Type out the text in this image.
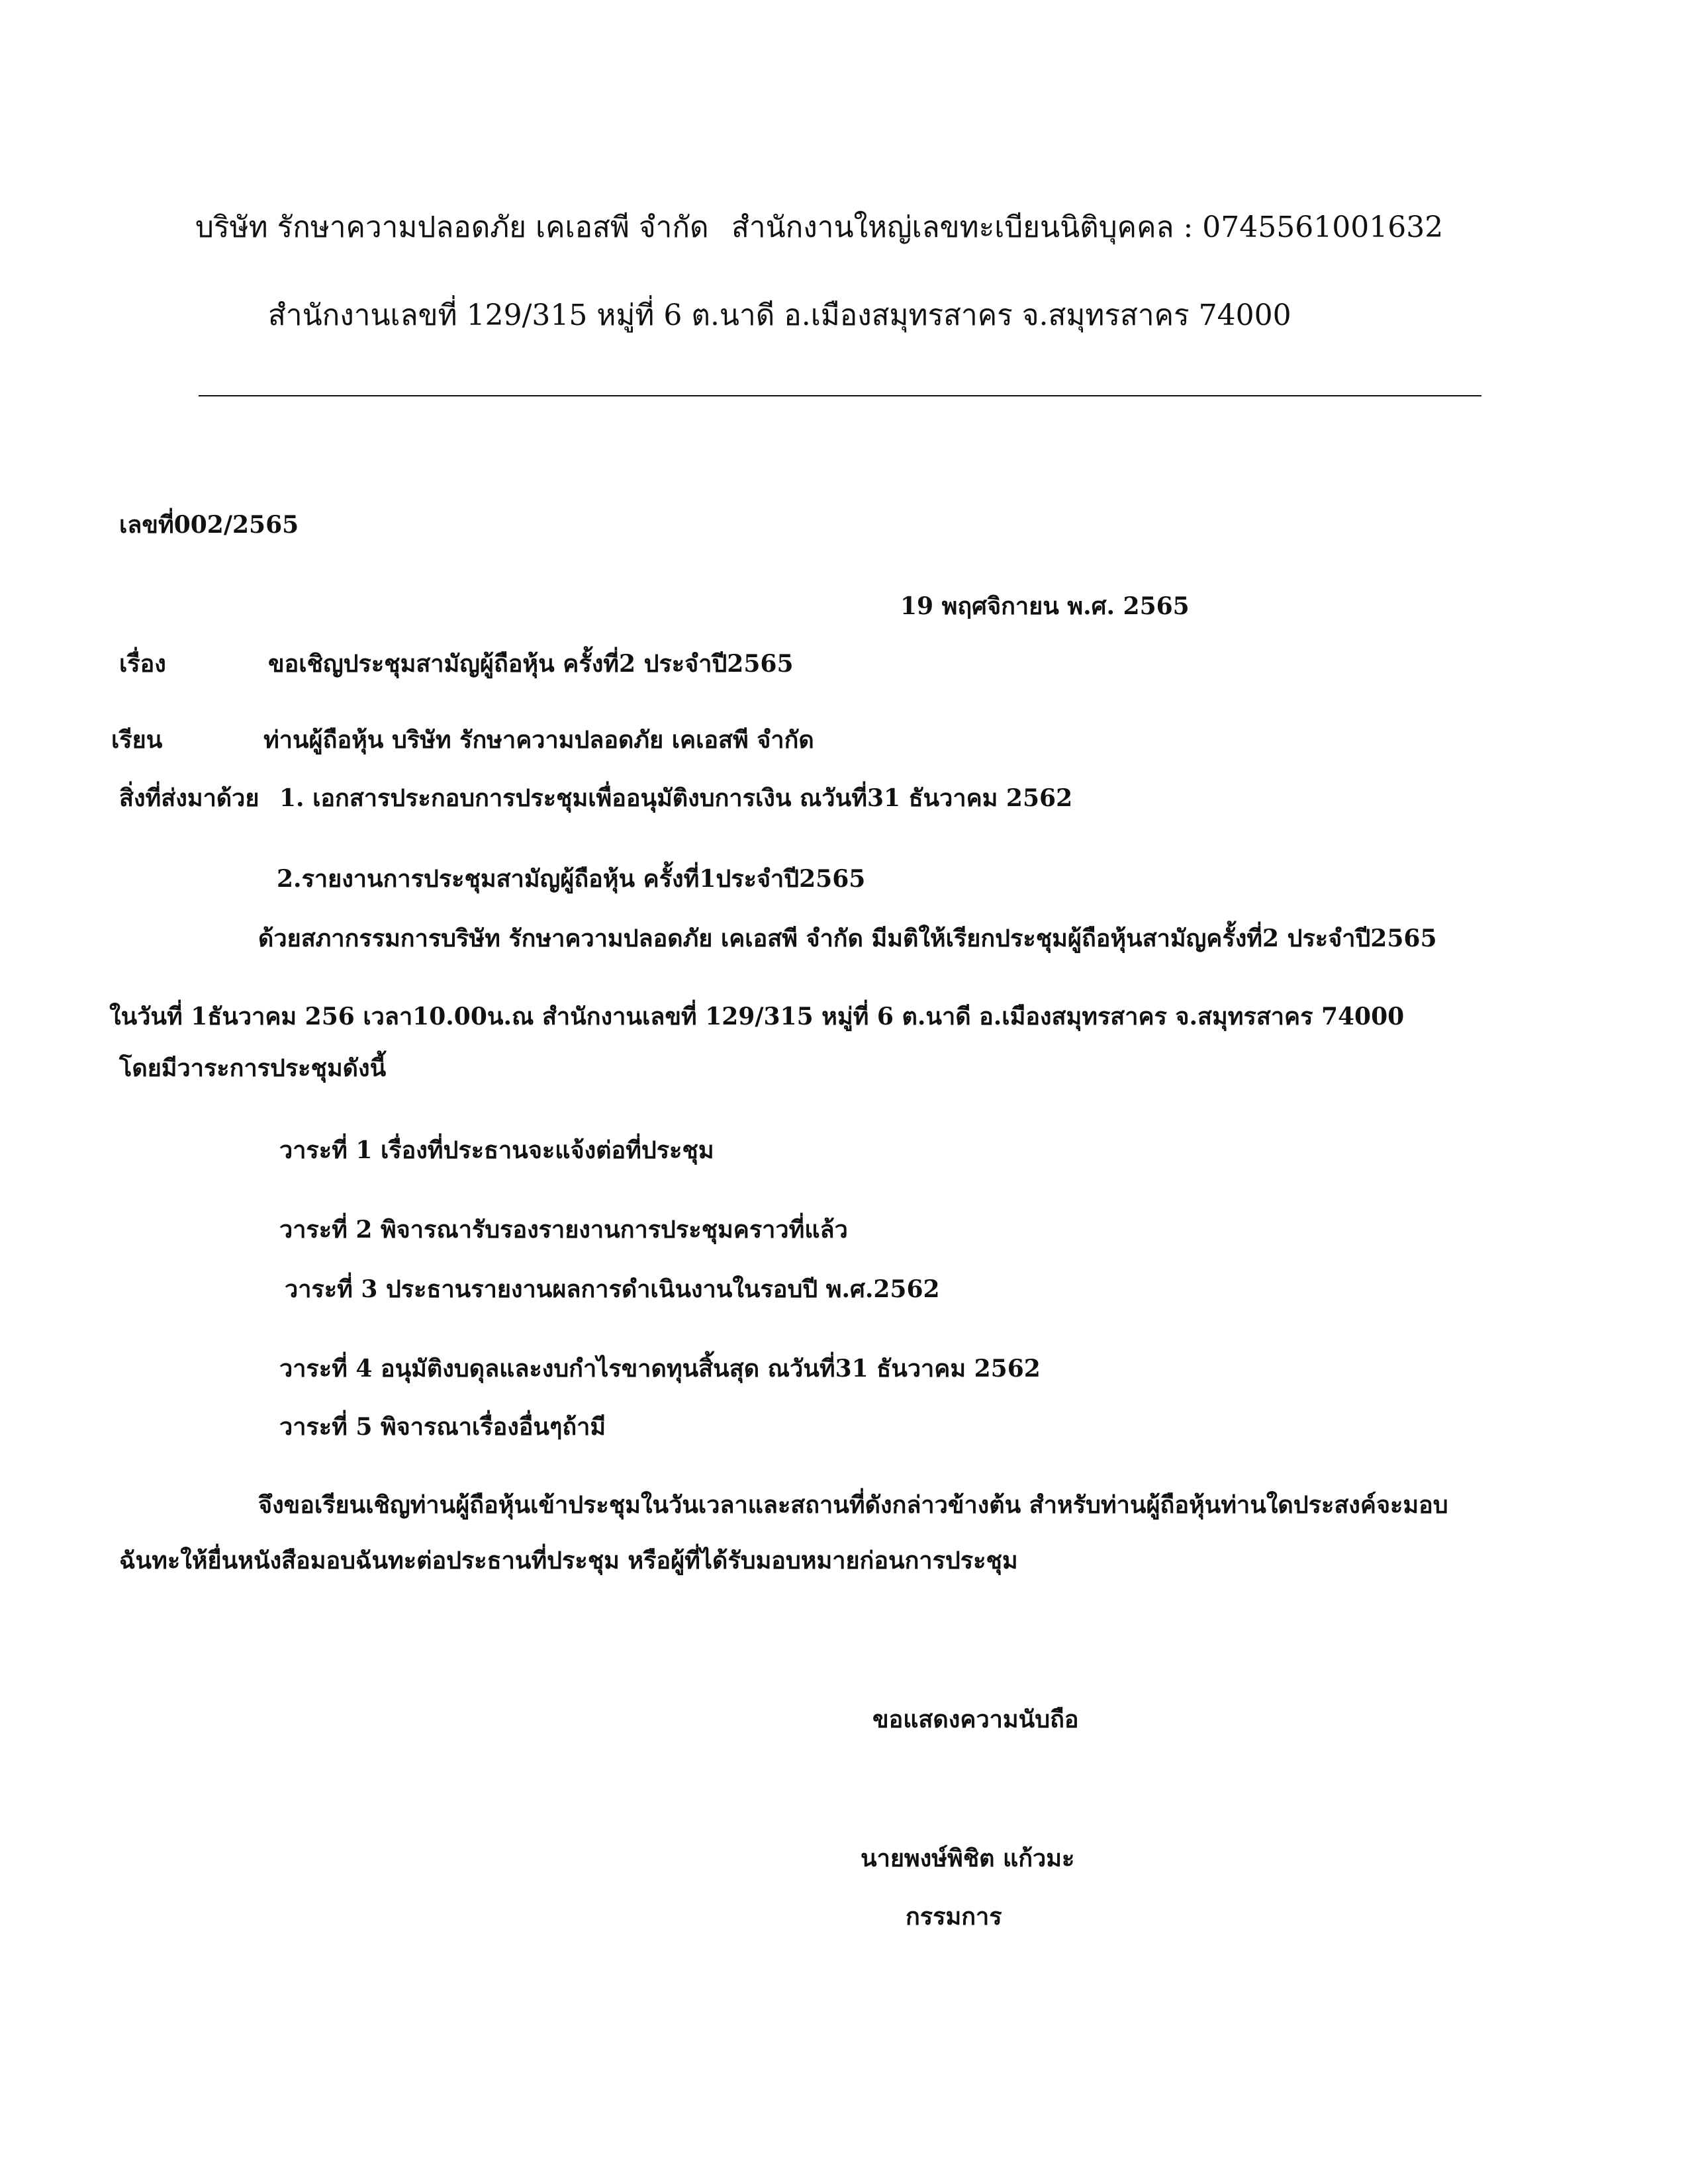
บริษัท รักษาความปลอดภัย เคเอสพี จำกัด สำนักงานใหญ่เลขทะเบียนนิติบุคคล : 0745561001632
สำนักงานเลขที่ 129/315 หมู่ที่ 6 ต.นาดี อ.เมืองสมุทรสาคร จ.สมุทรสาคร 74000
เลขที่002/2565
19 พฤศจิกายน พ.ศ. 2565
เรื่อง	ขอเชิญประชุมสามัญผู้ถือหุ้น ครั้งที่2 ประจำปี2565
เรียน	ท่านผู้ถือหุ้น บริษัท รักษาความปลอดภัย เคเอสพี จำกัด
สิ่งที่ส่งมาด้วย 1. เอกสารประกอบการประชุมเพื่ออนุมัติงบการเงิน ณวันที่31 ธันวาคม 2562
2.รายงานการประชุมสามัญผู้ถือหุ้น ครั้งที่1ประจำปี2565
ด้วยสภากรรมการบริษัท รักษาความปลอดภัย เคเอสพี จำกัด มีมติให้เรียกประชุมผู้ถือหุ้นสามัญครั้งที่2 ประจำปี2565
ในวันที่ 1ธันวาคม 256 เวลา10.00น.ณ สำนักงานเลขที่ 129/315 หมู่ที่ 6 ต.นาดี อ.เมืองสมุทรสาคร จ.สมุทรสาคร 74000
โดยมีวาระการประชุมดังนี้
วาระที่ 1 เรื่องที่ประธานจะแจ้งต่อที่ประชุม
วาระที่ 2 พิจารณารับรองรายงานการประชุมคราวที่แล้ว
วาระที่ 3 ประธานรายงานผลการดำเนินงานในรอบปี พ.ศ.2562
วาระที่ 4 อนุมัติงบดุลและงบกำไรขาดทุนสิ้นสุด ณวันที่31 ธันวาคม 2562
วาระที่ 5 พิจารณาเรื่องอื่นๆถ้ามี
จึงขอเรียนเชิญท่านผู้ถือหุ้นเข้าประชุมในวันเวลาและสถานที่ดังกล่าวข้างต้น สำหรับท่านผู้ถือหุ้นท่านใดประสงค์จะมอบ
ฉันทะให้ยื่นหนังสือมอบฉันทะต่อประธานที่ประชุม หรือผู้ที่ได้รับมอบหมายก่อนการประชุม
ขอแสดงความนับถือ
นายพงษ์พิชิต แก้วมะ
กรรมการ
